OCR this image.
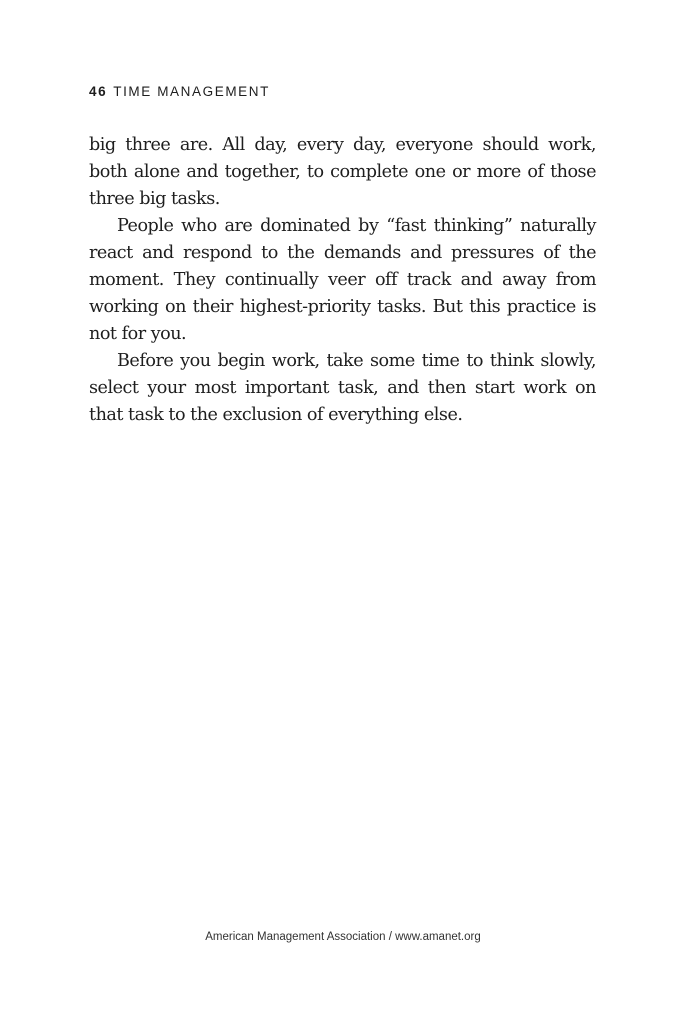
46 TIME MANAGEMENT

big three are. All day, every day, everyone should work, both alone and together, to complete one or more of those three big tasks.

People who are dominated by “fast thinking” naturally react and respond to the demands and pressures of the moment. They continually veer off track and away from working on their highest-priority tasks. But this practice is not for you.

Before you begin work, take some time to think slowly, select your most important task, and then start work on that task to the exclusion of everything else.

American Management Association / www.amanet.org
